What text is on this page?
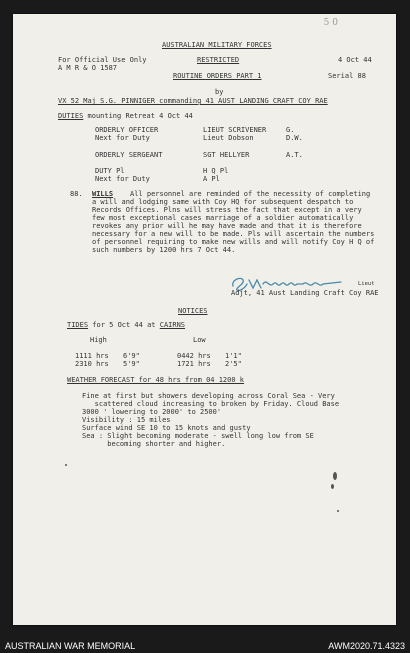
5 0
AUSTRALIAN MILITARY FORCES
For Official Use Only	RESTRICTED	4 Oct 44
A M R & O 1587
ROUTINE ORDERS PART 1	Serial 88
by
VX 52 Maj S.G. PINNIGER commanding 41 AUST LANDING CRAFT COY RAE
DUTIES mounting Retreat 4 Oct 44
ORDERLY OFFICER	LIEUT SCRIVENER	G.
Next for Duty	Lieut Dobson	D.W.
ORDERLY SERGEANT	SGT HELLYER	A.T.
DUTY Pl	H Q Pl
Next for Duty	A Pl
88. WILLS	All personnel are reminded of the necessity of completing a will and lodging same with Coy HQ for subsequent despatch to Records Offices. Plns will stress the fact that except in a very few most exceptional cases marriage of a soldier automatically revokes any prior will he may have made and that it is therefore necessary for a new will to be made. Pls will ascertain the numbers of personnel requiring to make new wills and will notify Coy H Q of such numbers by 1200 hrs 7 Oct 44.
Lieut
Adjt, 41 Aust Landing Craft Coy RAE
NOTICES
TIDES for 5 Oct 44 at CAIRNS
High	Low
1111 hrs 6'9"	0442 hrs 1'1"
2310 hrs 5'9"	1721 hrs 2'5"
WEATHER FORECAST for 48 hrs from 04 1200 k
Fine at first but showers developing across Coral Sea - Very
scattered cloud increasing to broken by Friday. Cloud Base
3000 ' lowering to 2000' to 2500'
Visibility : 15 miles
Surface wind SE 10 to 15 knots and gusty
Sea : Slight becoming moderate - swell long low from SE
becoming shorter and higher.
AUSTRALIAN WAR MEMORIAL	AWM2020.71.4323
